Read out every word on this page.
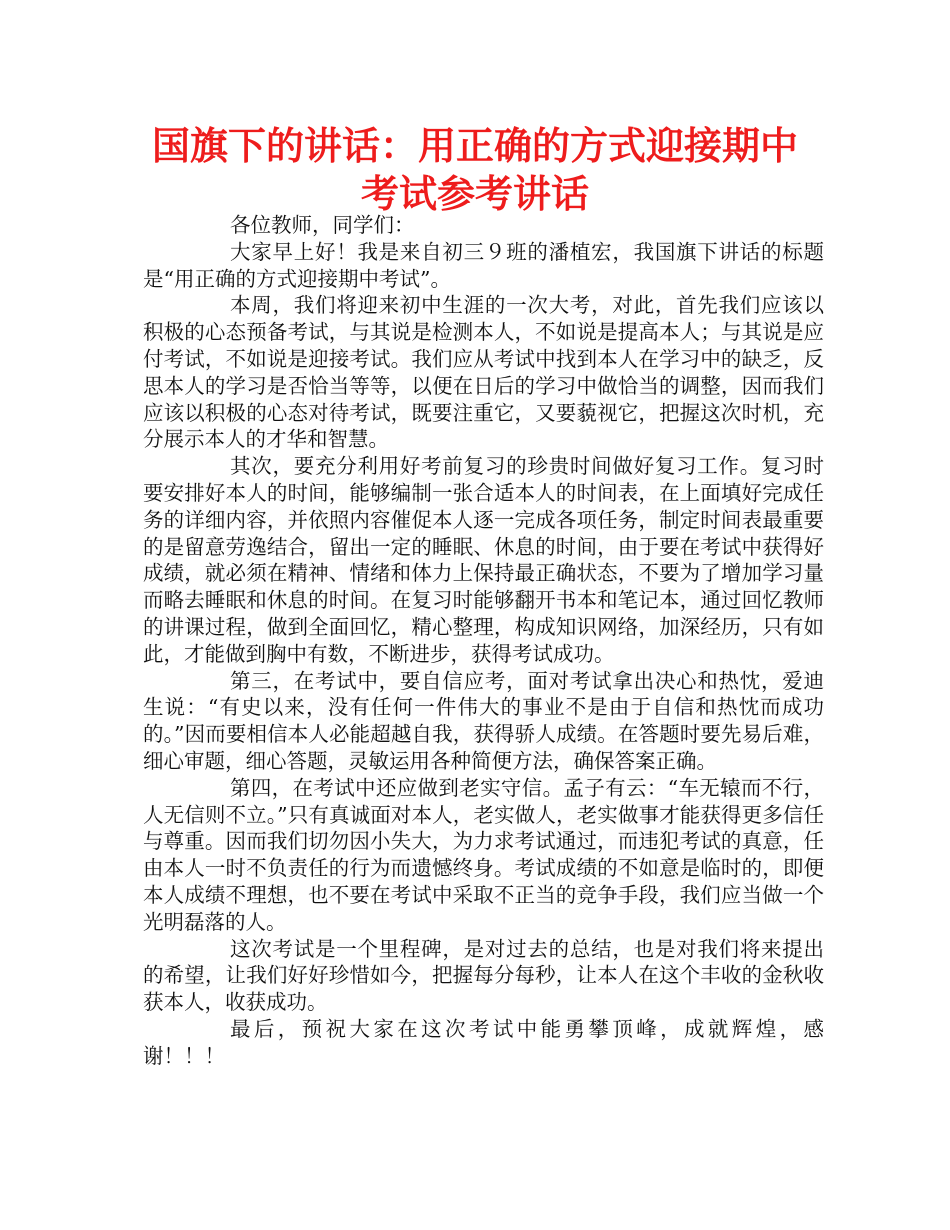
国旗下的讲话：用正确的方式迎接期中考试参考讲话

各位教师，同学们：

大家早上好！我是来自初三９班的潘植宏，我国旗下讲话的标题是“用正确的方式迎接期中考试”。

本周，我们将迎来初中生涯的一次大考，对此，首先我们应该以积极的心态预备考试，与其说是检测本人，不如说是提高本人；与其说是应付考试，不如说是迎接考试。我们应从考试中找到本人在学习中的缺乏，反思本人的学习是否恰当等等，以便在日后的学习中做恰当的调整，因而我们应该以积极的心态对待考试，既要注重它，又要藐视它，把握这次时机，充分展示本人的才华和智慧。

其次，要充分利用好考前复习的珍贵时间做好复习工作。复习时要安排好本人的时间，能够编制一张合适本人的时间表，在上面填好完成任务的详细内容，并依照内容催促本人逐一完成各项任务，制定时间表最重要的是留意劳逸结合，留出一定的睡眠、休息的时间，由于要在考试中获得好成绩，就必须在精神、情绪和体力上保持最正确状态，不要为了增加学习量而略去睡眠和休息的时间。在复习时能够翻开书本和笔记本，通过回忆教师的讲课过程，做到全面回忆，精心整理，构成知识网络，加深经历，只有如此，才能做到胸中有数，不断进步，获得考试成功。

第三，在考试中，要自信应考，面对考试拿出决心和热忱，爱迪生说：“有史以来，没有任何一件伟大的事业不是由于自信和热忱而成功的。”因而要相信本人必能超越自我，获得骄人成绩。在答题时要先易后难，细心审题，细心答题，灵敏运用各种简便方法，确保答案正确。

第四，在考试中还应做到老实守信。孟子有云：“车无辕而不行，人无信则不立。”只有真诚面对本人，老实做人，老实做事才能获得更多信任与尊重。因而我们切勿因小失大，为力求考试通过，而违犯考试的真意，任由本人一时不负责任的行为而遗憾终身。考试成绩的不如意是临时的，即便本人成绩不理想，也不要在考试中采取不正当的竞争手段，我们应当做一个光明磊落的人。

这次考试是一个里程碑，是对过去的总结，也是对我们将来提出的希望，让我们好好珍惜如今，把握每分每秒，让本人在这个丰收的金秋收获本人，收获成功。

最后，预祝大家在这次考试中能勇攀顶峰，成就辉煌，感谢！！！
